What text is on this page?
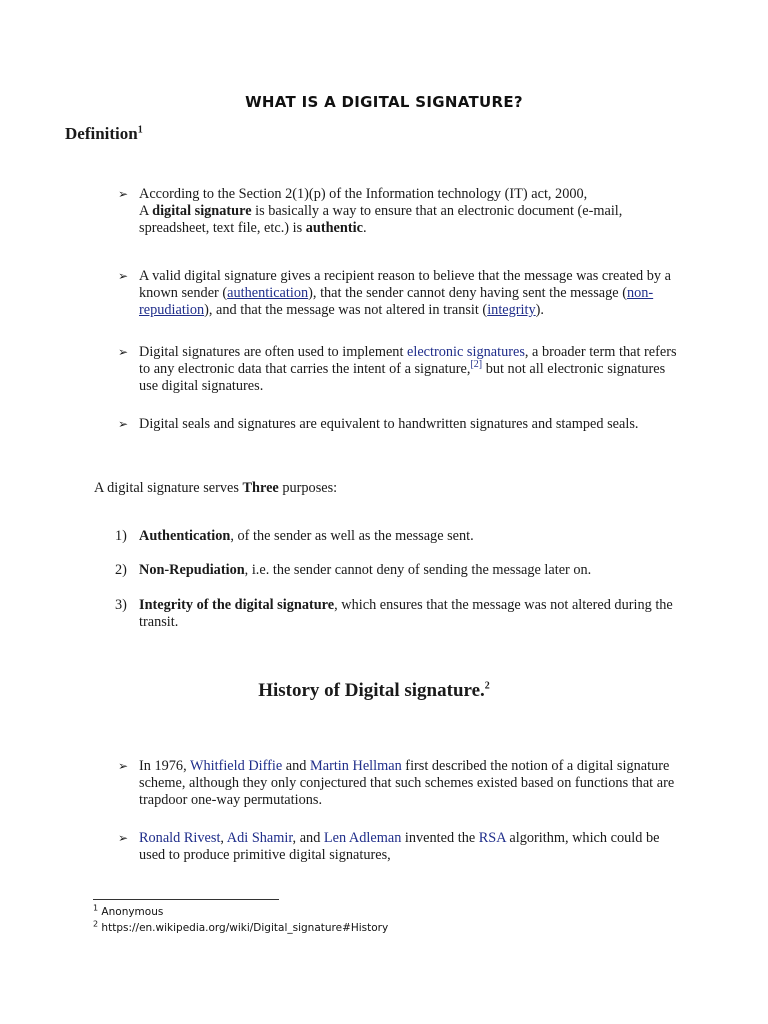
WHAT IS A DIGITAL SIGNATURE?
Definition$^1$
➢ According to the Section 2(1)(p) of the Information technology (IT) act, 2000,
A digital signature is basically a way to ensure that an electronic document (e-mail, spreadsheet, text file, etc.) is authentic.
➢ A valid digital signature gives a recipient reason to believe that the message was created by a known sender (authentication), that the sender cannot deny having sent the message (non-repudiation), and that the message was not altered in transit (integrity).
➢ Digital signatures are often used to implement electronic signatures, a broader term that refers to any electronic data that carries the intent of a signature,[2] but not all electronic signatures use digital signatures.
➢ Digital seals and signatures are equivalent to handwritten signatures and stamped seals.
A digital signature serves Three purposes:
1) Authentication, of the sender as well as the message sent.
2) Non-Repudiation, i.e. the sender cannot deny of sending the message later on.
3) Integrity of the digital signature, which ensures that the message was not altered during the transit.
History of Digital signature.$^2$
➢ In 1976, Whitfield Diffie and Martin Hellman first described the notion of a digital signature scheme, although they only conjectured that such schemes existed based on functions that are trapdoor one-way permutations.
➢ Ronald Rivest, Adi Shamir, and Len Adleman invented the RSA algorithm, which could be used to produce primitive digital signatures,
$^1$ Anonymous
$^2$ https://en.wikipedia.org/wiki/Digital_signature#History
